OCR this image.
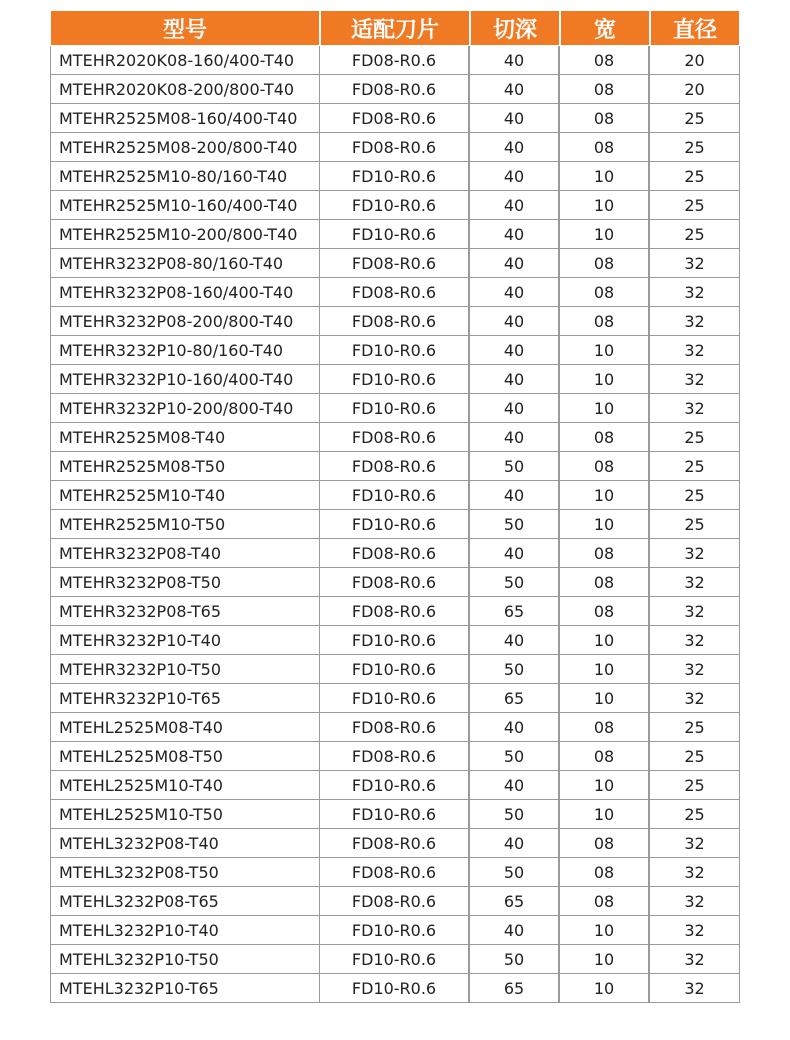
型号	适配刀片	切深	宽	直径
MTEHR2020K08-160/400-T40	FD08-R0.6	40	08	20
MTEHR2020K08-200/800-T40	FD08-R0.6	40	08	20
MTEHR2525M08-160/400-T40	FD08-R0.6	40	08	25
MTEHR2525M08-200/800-T40	FD08-R0.6	40	08	25
MTEHR2525M10-80/160-T40	FD10-R0.6	40	10	25
MTEHR2525M10-160/400-T40	FD10-R0.6	40	10	25
MTEHR2525M10-200/800-T40	FD10-R0.6	40	10	25
MTEHR3232P08-80/160-T40	FD08-R0.6	40	08	32
MTEHR3232P08-160/400-T40	FD08-R0.6	40	08	32
MTEHR3232P08-200/800-T40	FD08-R0.6	40	08	32
MTEHR3232P10-80/160-T40	FD10-R0.6	40	10	32
MTEHR3232P10-160/400-T40	FD10-R0.6	40	10	32
MTEHR3232P10-200/800-T40	FD10-R0.6	40	10	32
MTEHR2525M08-T40	FD08-R0.6	40	08	25
MTEHR2525M08-T50	FD08-R0.6	50	08	25
MTEHR2525M10-T40	FD10-R0.6	40	10	25
MTEHR2525M10-T50	FD10-R0.6	50	10	25
MTEHR3232P08-T40	FD08-R0.6	40	08	32
MTEHR3232P08-T50	FD08-R0.6	50	08	32
MTEHR3232P08-T65	FD08-R0.6	65	08	32
MTEHR3232P10-T40	FD10-R0.6	40	10	32
MTEHR3232P10-T50	FD10-R0.6	50	10	32
MTEHR3232P10-T65	FD10-R0.6	65	10	32
MTEHL2525M08-T40	FD08-R0.6	40	08	25
MTEHL2525M08-T50	FD08-R0.6	50	08	25
MTEHL2525M10-T40	FD10-R0.6	40	10	25
MTEHL2525M10-T50	FD10-R0.6	50	10	25
MTEHL3232P08-T40	FD08-R0.6	40	08	32
MTEHL3232P08-T50	FD08-R0.6	50	08	32
MTEHL3232P08-T65	FD08-R0.6	65	08	32
MTEHL3232P10-T40	FD10-R0.6	40	10	32
MTEHL3232P10-T50	FD10-R0.6	50	10	32
MTEHL3232P10-T65	FD10-R0.6	65	10	32
